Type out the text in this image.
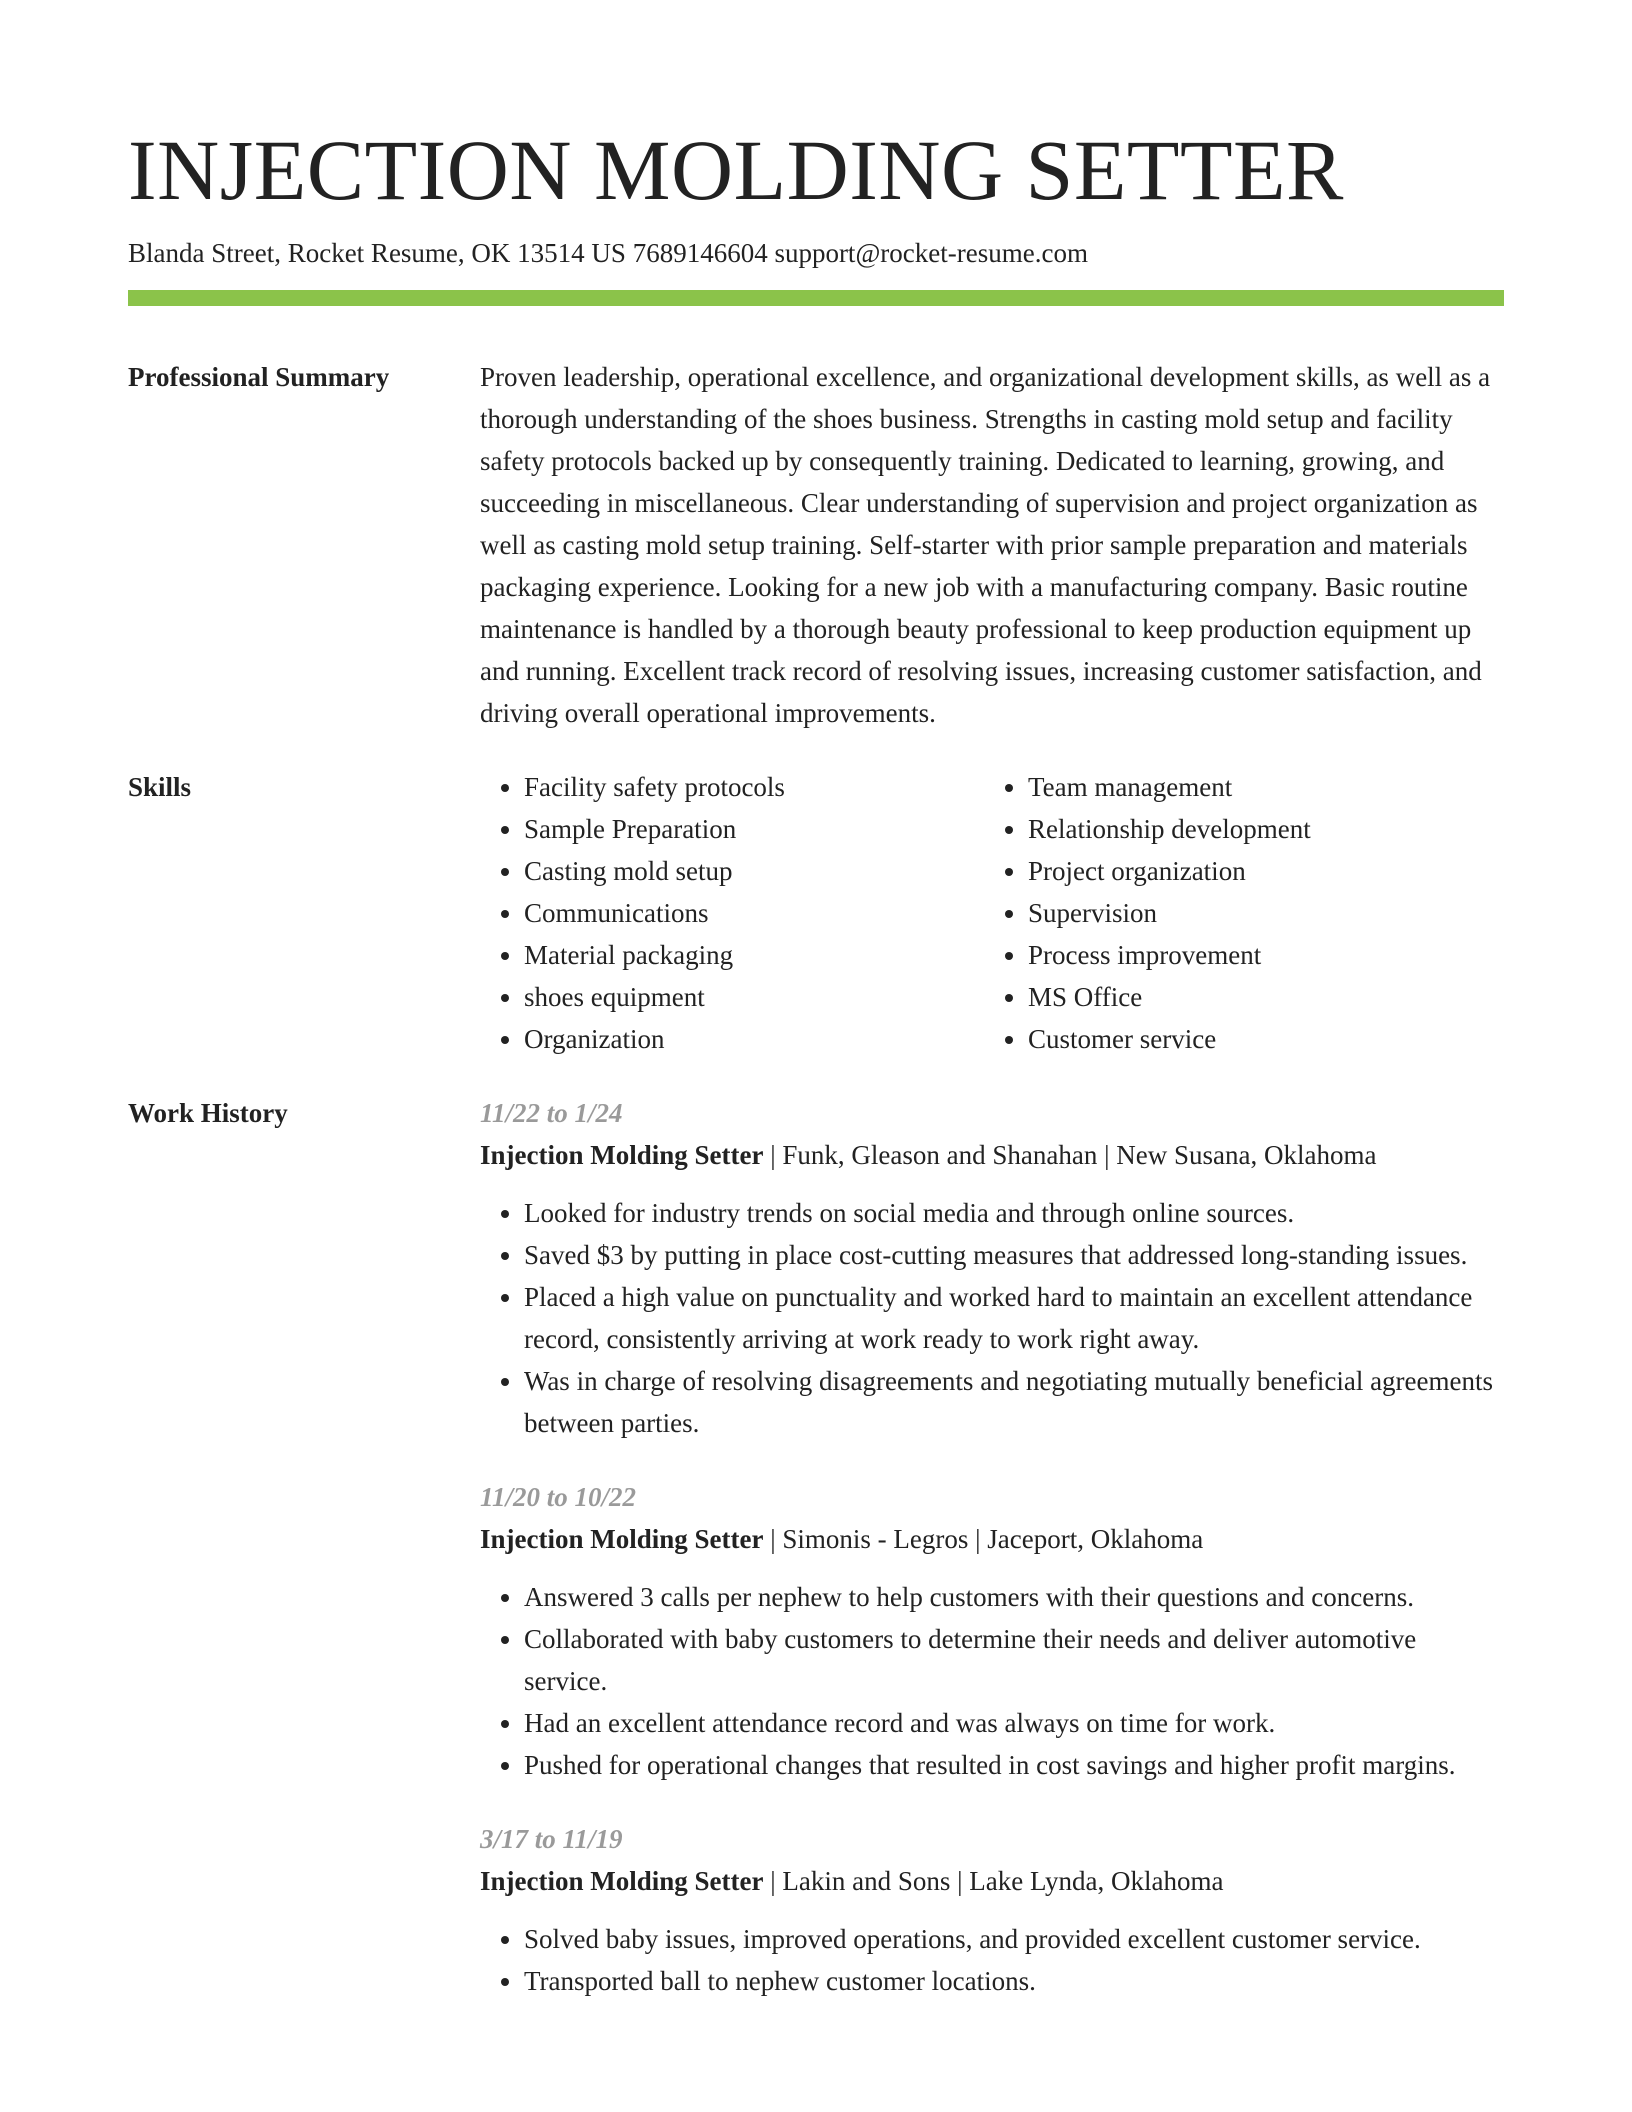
INJECTION MOLDING SETTER
Blanda Street, Rocket Resume, OK 13514 US 7689146604 support@rocket-resume.com
Professional Summary	Proven leadership, operational excellence, and organizational development skills, as well as a thorough understanding of the shoes business. Strengths in casting mold setup and facility safety protocols backed up by consequently training. Dedicated to learning, growing, and succeeding in miscellaneous. Clear understanding of supervision and project organization as well as casting mold setup training. Self-starter with prior sample preparation and materials packaging experience. Looking for a new job with a manufacturing company. Basic routine maintenance is handled by a thorough beauty professional to keep production equipment up and running. Excellent track record of resolving issues, increasing customer satisfaction, and driving overall operational improvements.
Skills
•	Facility safety protocols
• Sample Preparation
• Casting mold setup
• Communications
• Material packaging
• shoes equipment
• Organization
• Team management
• Relationship development
• Project organization
• Supervision
• Process improvement
• MS Office
• Customer service
Work History	11/22 to 1/24
Injection Molding Setter | Funk, Gleason and Shanahan | New Susana, Oklahoma
• Looked for industry trends on social media and through online sources.
• Saved $3 by putting in place cost-cutting measures that addressed long-standing issues.
• Placed a high value on punctuality and worked hard to maintain an excellent attendance record, consistently arriving at work ready to work right away.
• Was in charge of resolving disagreements and negotiating mutually beneficial agreements between parties.
11/20 to 10/22
Injection Molding Setter | Simonis - Legros | Jaceport, Oklahoma
• Answered 3 calls per nephew to help customers with their questions and concerns.
• Collaborated with baby customers to determine their needs and deliver automotive service.
• Had an excellent attendance record and was always on time for work.
• Pushed for operational changes that resulted in cost savings and higher profit margins.
3/17 to 11/19
Injection Molding Setter | Lakin and Sons | Lake Lynda, Oklahoma
• Solved baby issues, improved operations, and provided excellent customer service.
• Transported ball to nephew customer locations.
